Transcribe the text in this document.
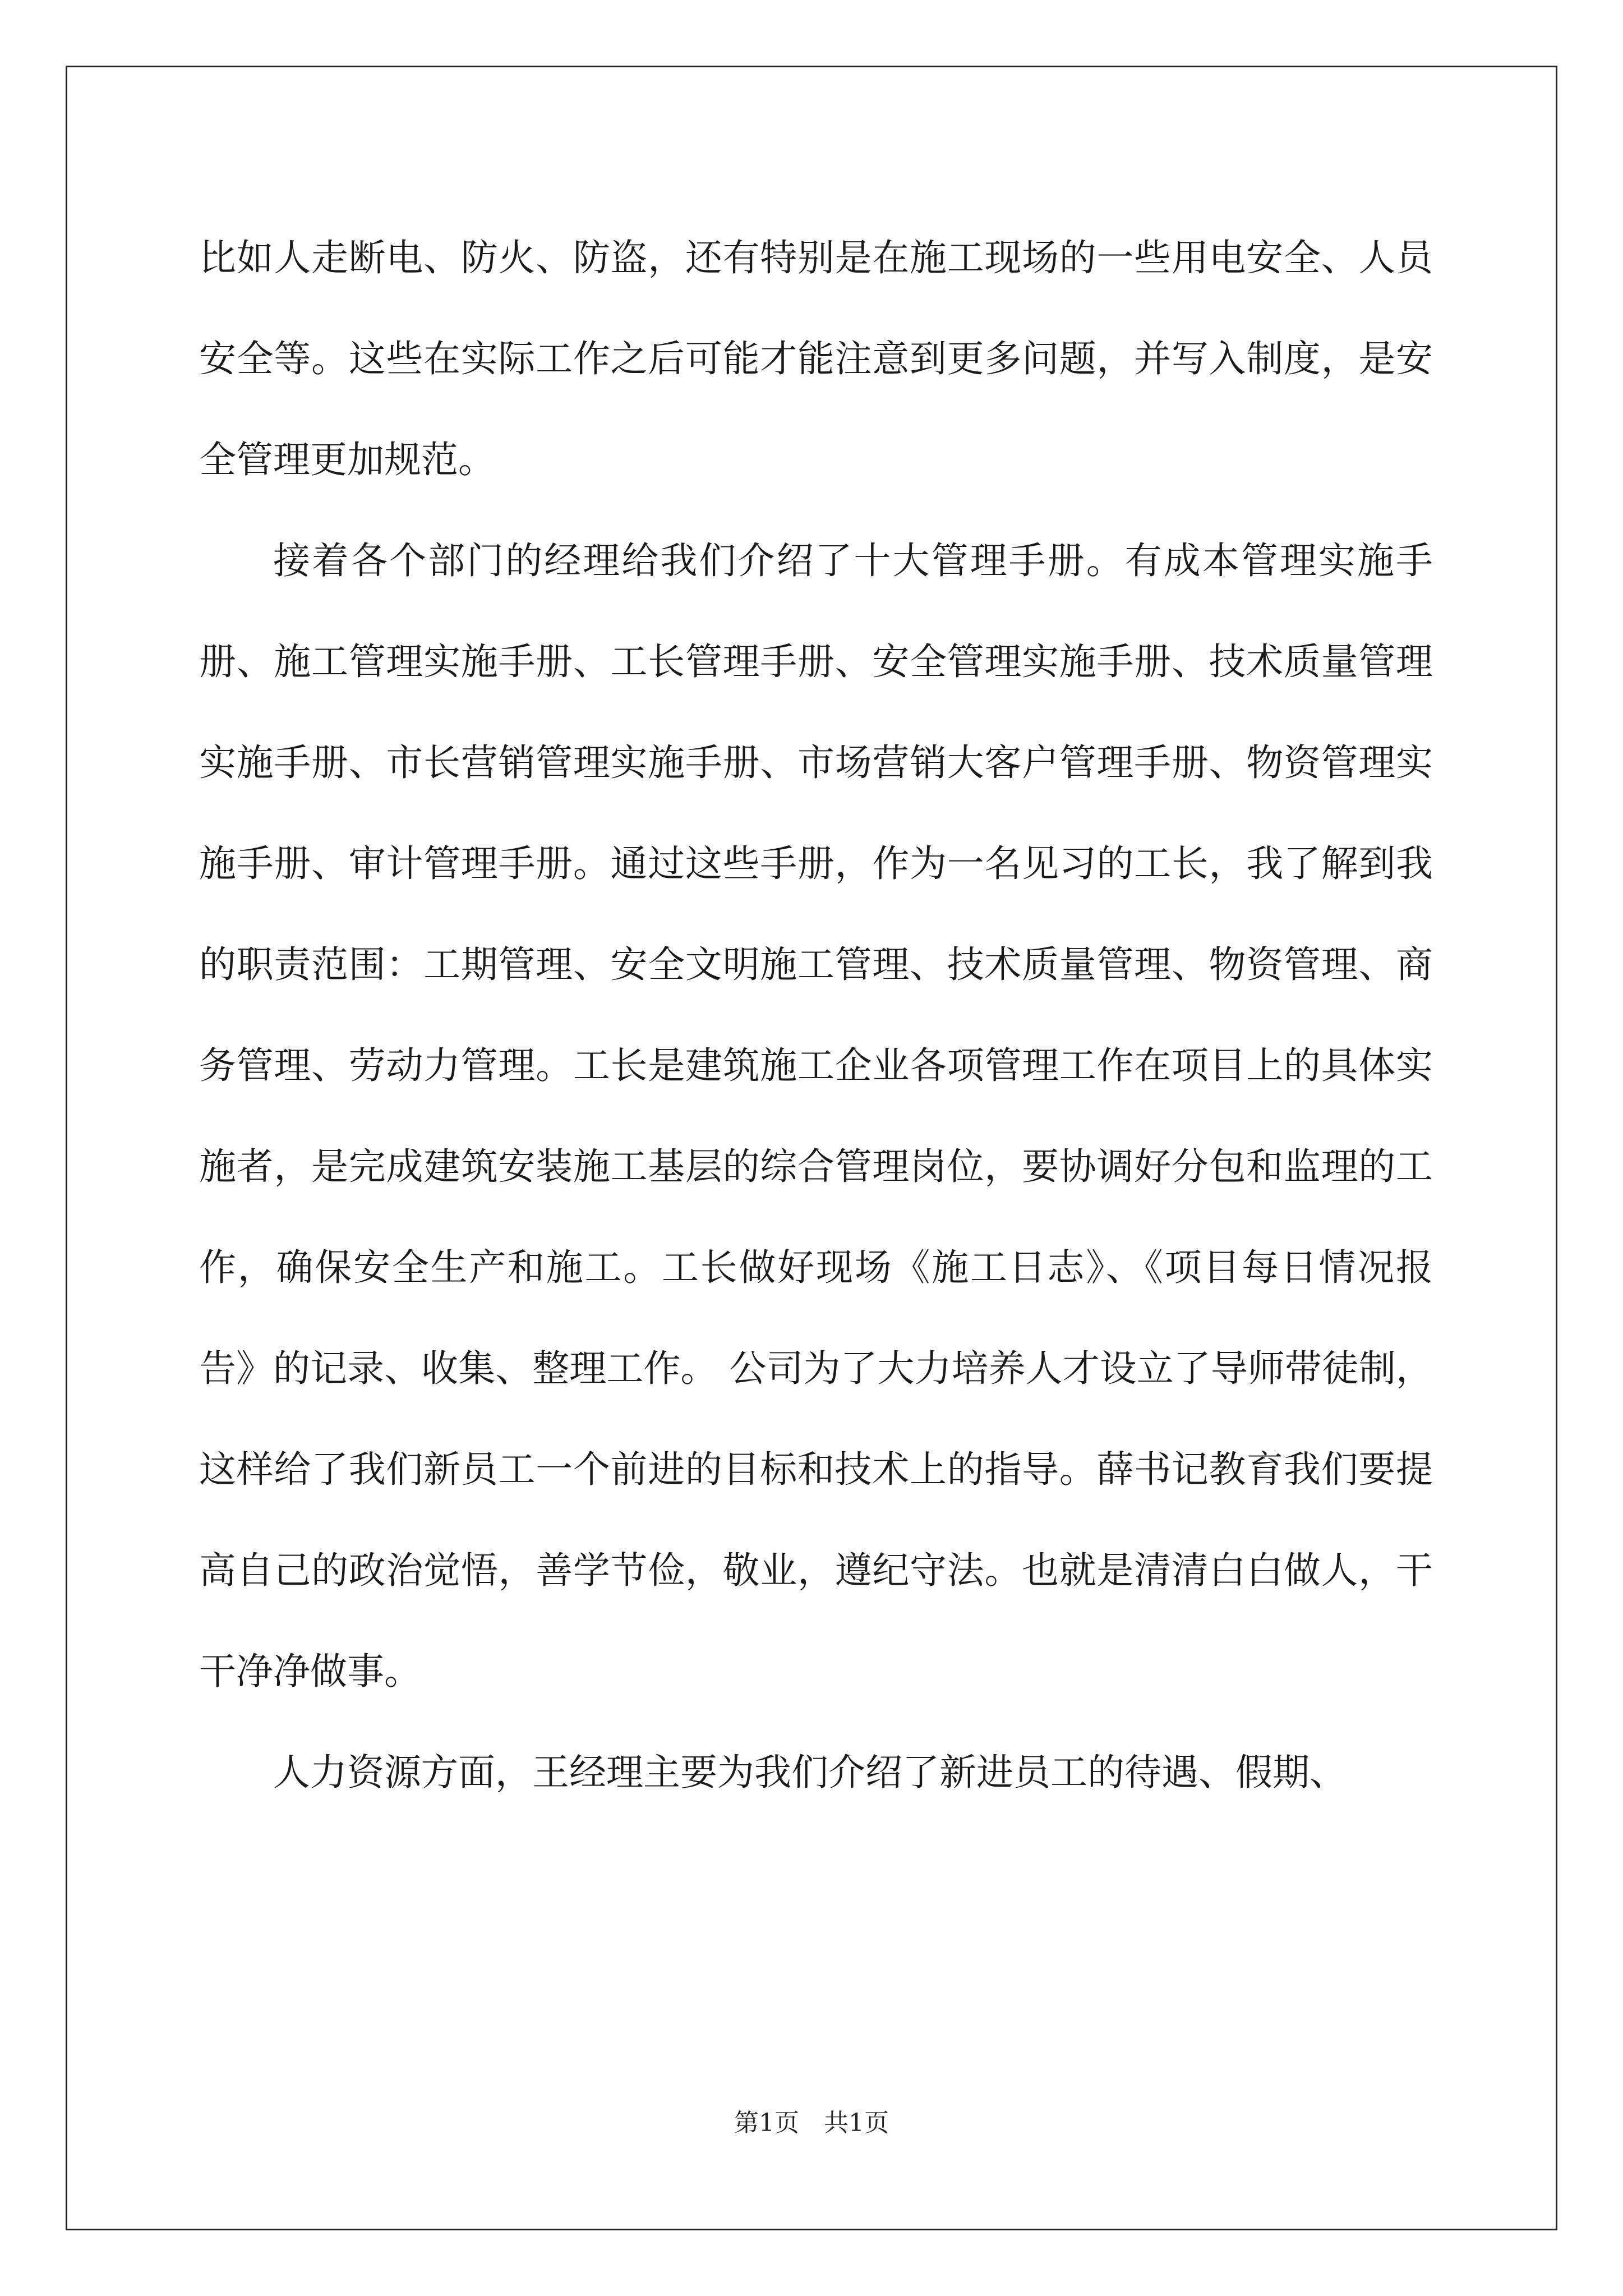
比如人走断电、防火、防盗，还有特别是在施工现场的一些用电安全、人员安全等。这些在实际工作之后可能才能注意到更多问题，并写入制度，是安全管理更加规范。

接着各个部门的经理给我们介绍了十大管理手册。有成本管理实施手册、施工管理实施手册、工长管理手册、安全管理实施手册、技术质量管理实施手册、市长营销管理实施手册、市场营销大客户管理手册、物资管理实施手册、审计管理手册。通过这些手册，作为一名见习的工长，我了解到我的职责范围：工期管理、安全文明施工管理、技术质量管理、物资管理、商务管理、劳动力管理。工长是建筑施工企业各项管理工作在项目上的具体实施者，是完成建筑安装施工基层的综合管理岗位，要协调好分包和监理的工作，确保安全生产和施工。工长做好现场《施工日志》、《项目每日情况报告》的记录、收集、整理工作。 公司为了大力培养人才设立了导师带徒制，这样给了我们新员工一个前进的目标和技术上的指导。薛书记教育我们要提高自己的政治觉悟，善学节俭，敬业，遵纪守法。也就是清清白白做人，干干净净做事。

人力资源方面，王经理主要为我们介绍了新进员工的待遇、假期、

第1页　共1页
